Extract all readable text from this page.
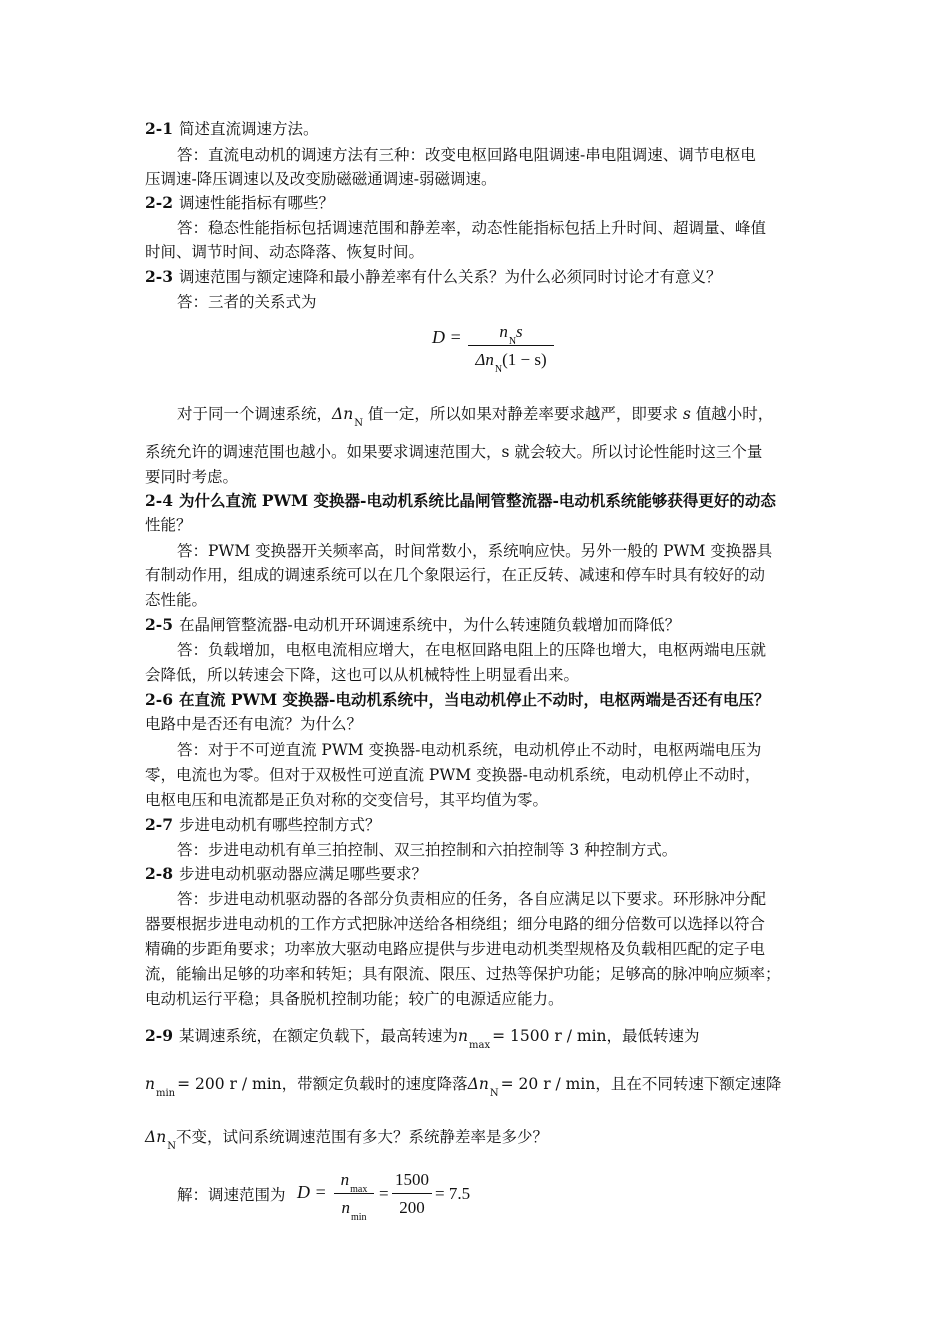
2-1 简述直流调速方法。
答：直流电动机的调速方法有三种：改变电枢回路电阻调速-串电阻调速、调节电枢电
压调速-降压调速以及改变励磁磁通调速-弱磁调速。
2-2 调速性能指标有哪些？
答：稳态性能指标包括调速范围和静差率，动态性能指标包括上升时间、超调量、峰值
时间、调节时间、动态降落、恢复时间。
2-3 调速范围与额定速降和最小静差率有什么关系？为什么必须同时讨论才有意义？
答：三者的关系式为
D =	$n_Ns$
$\Delta n_N(1 - s)$
对于同一个调速系统，$\Delta n_N$ 值一定，所以如果对静差率要求越严，即要求 s 值越小时，
系统允许的调速范围也越小。如果要求调速范围大，s 就会较大。所以讨论性能时这三个量
要同时考虑。
2-4 为什么直流 PWM 变换器-电动机系统比晶闸管整流器-电动机系统能够获得更好的动态
性能？
答：PWM 变换器开关频率高，时间常数小，系统响应快。另外一般的 PWM 变换器具
有制动作用，组成的调速系统可以在几个象限运行，在正反转、减速和停车时具有较好的动
态性能。
2-5 在晶闸管整流器-电动机开环调速系统中，为什么转速随负载增加而降低？
答：负载增加，电枢电流相应增大，在电枢回路电阻上的压降也增大，电枢两端电压就
会降低，所以转速会下降，这也可以从机械特性上明显看出来。
2-6 在直流 PWM 变换器-电动机系统中，当电动机停止不动时，电枢两端是否还有电压？
电路中是否还有电流？为什么？
答：对于不可逆直流 PWM 变换器-电动机系统，电动机停止不动时，电枢两端电压为
零，电流也为零。但对于双极性可逆直流 PWM 变换器-电动机系统，电动机停止不动时，
电枢电压和电流都是正负对称的交变信号，其平均值为零。
2-7 步进电动机有哪些控制方式？
答：步进电动机有单三拍控制、双三拍控制和六拍控制等 3 种控制方式。
2-8 步进电动机驱动器应满足哪些要求？
答：步进电动机驱动器的各部分负责相应的任务，各自应满足以下要求。环形脉冲分配
器要根据步进电动机的工作方式把脉冲送给各相绕组；细分电路的细分倍数可以选择以符合
精确的步距角要求；功率放大驱动电路应提供与步进电动机类型规格及负载相匹配的定子电
流，能输出足够的功率和转矩；具有限流、限压、过热等保护功能；足够高的脉冲响应频率；
电动机运行平稳；具备脱机控制功能；较广的电源适应能力。
2-9 某调速系统，在额定负载下，最高转速为$n_{max}= 1500$ r / min，最低转速为
$n_{min}= 200$ r / min，带额定负载时的速度降落$\Delta n_N= 20$ r / min，且在不同转速下额定速降
$\Delta n_N$不变，试问系统调速范围有多大？系统静差率是多少？
解：调速范围为 D =
$n_{max}$
$n_{min}$
=
1500
200
= 7.5
